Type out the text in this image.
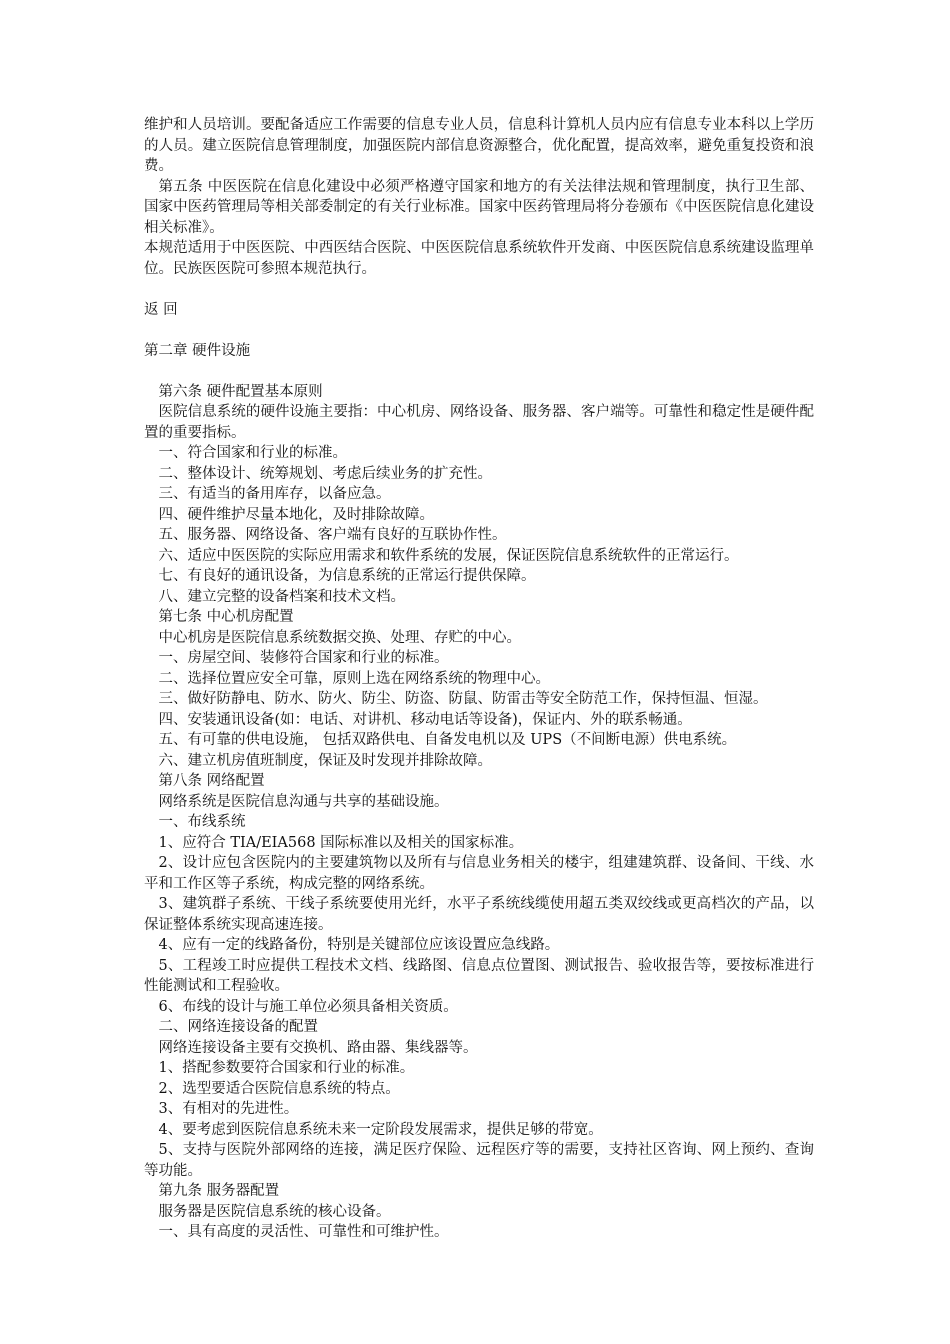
维护和人员培训。要配备适应工作需要的信息专业人员，信息科计算机人员内应有信息专业本科以上学历的人员。建立医院信息管理制度，加强医院内部信息资源整合，优化配置，提高效率，避免重复投资和浪费。

第五条 中医医院在信息化建设中必须严格遵守国家和地方的有关法律法规和管理制度，执行卫生部、国家中医药管理局等相关部委制定的有关行业标准。国家中医药管理局将分卷颁布《中医医院信息化建设相关标准》。

本规范适用于中医医院、中西医结合医院、中医医院信息系统软件开发商、中医医院信息系统建设监理单位。民族医医院可参照本规范执行。

返 回

第二章 硬件设施

第六条 硬件配置基本原则

医院信息系统的硬件设施主要指：中心机房、网络设备、服务器、客户端等。可靠性和稳定性是硬件配置的重要指标。

一、符合国家和行业的标准。

二、整体设计、统筹规划、考虑后续业务的扩充性。

三、有适当的备用库存，以备应急。

四、硬件维护尽量本地化，及时排除故障。

五、服务器、网络设备、客户端有良好的互联协作性。

六、适应中医医院的实际应用需求和软件系统的发展，保证医院信息系统软件的正常运行。

七、有良好的通讯设备，为信息系统的正常运行提供保障。

八、建立完整的设备档案和技术文档。

第七条 中心机房配置

中心机房是医院信息系统数据交换、处理、存贮的中心。

一、房屋空间、装修符合国家和行业的标准。

二、选择位置应安全可靠，原则上选在网络系统的物理中心。

三、做好防静电、防水、防火、防尘、防盗、防鼠、防雷击等安全防范工作，保持恒温、恒湿。

四、安装通讯设备(如：电话、对讲机、移动电话等设备)，保证内、外的联系畅通。

五、有可靠的供电设施， 包括双路供电、自备发电机以及 UPS（不间断电源）供电系统。

六、建立机房值班制度，保证及时发现并排除故障。

第八条 网络配置

网络系统是医院信息沟通与共享的基础设施。

一、布线系统

1、应符合 TIA/EIA568 国际标准以及相关的国家标准。

2、设计应包含医院内的主要建筑物以及所有与信息业务相关的楼宇，组建建筑群、设备间、干线、水平和工作区等子系统，构成完整的网络系统。

3、建筑群子系统、干线子系统要使用光纤，水平子系统线缆使用超五类双绞线或更高档次的产品，以保证整体系统实现高速连接。

4、应有一定的线路备份，特别是关键部位应该设置应急线路。

5、工程竣工时应提供工程技术文档、线路图、信息点位置图、测试报告、验收报告等，要按标准进行性能测试和工程验收。

6、布线的设计与施工单位必须具备相关资质。

二、网络连接设备的配置

网络连接设备主要有交换机、路由器、集线器等。

1、搭配参数要符合国家和行业的标准。

2、选型要适合医院信息系统的特点。

3、有相对的先进性。

4、要考虑到医院信息系统未来一定阶段发展需求，提供足够的带宽。

5、支持与医院外部网络的连接，满足医疗保险、远程医疗等的需要，支持社区咨询、网上预约、查询等功能。

第九条 服务器配置

服务器是医院信息系统的核心设备。

一、具有高度的灵活性、可靠性和可维护性。
